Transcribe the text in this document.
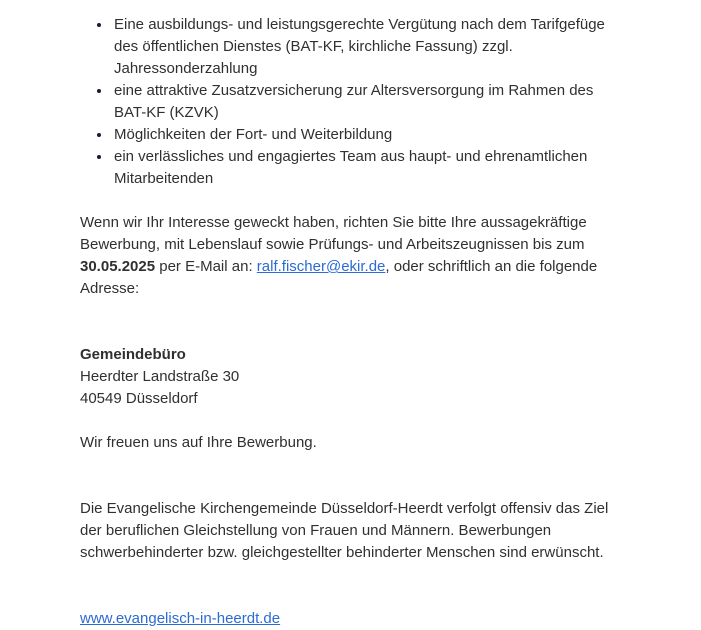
• Eine ausbildungs- und leistungsgerechte Vergütung nach dem Tarifgefüge des öffentlichen Dienstes (BAT-KF, kirchliche Fassung) zzgl. Jahressonderzahlung
• eine attraktive Zusatzversicherung zur Altersversorgung im Rahmen des BAT-KF (KZVK)
• Möglichkeiten der Fort- und Weiterbildung
• ein verlässliches und engagiertes Team aus haupt- und ehrenamtlichen Mitarbeitenden

Wenn wir Ihr Interesse geweckt haben, richten Sie bitte Ihre aussagekräftige Bewerbung, mit Lebenslauf sowie Prüfungs- und Arbeitszeugnissen bis zum 30.05.2025 per E-Mail an: ralf.fischer@ekir.de, oder schriftlich an die folgende Adresse:

Gemeindebüro

Heerdter Landstraße 30

40549 Düsseldorf

Wir freuen uns auf Ihre Bewerbung.

Die Evangelische Kirchengemeinde Düsseldorf-Heerdt verfolgt offensiv das Ziel der beruflichen Gleichstellung von Frauen und Männern. Bewerbungen schwerbehinderter bzw. gleichgestellter behinderter Menschen sind erwünscht.

www.evangelisch-in-heerdt.de
